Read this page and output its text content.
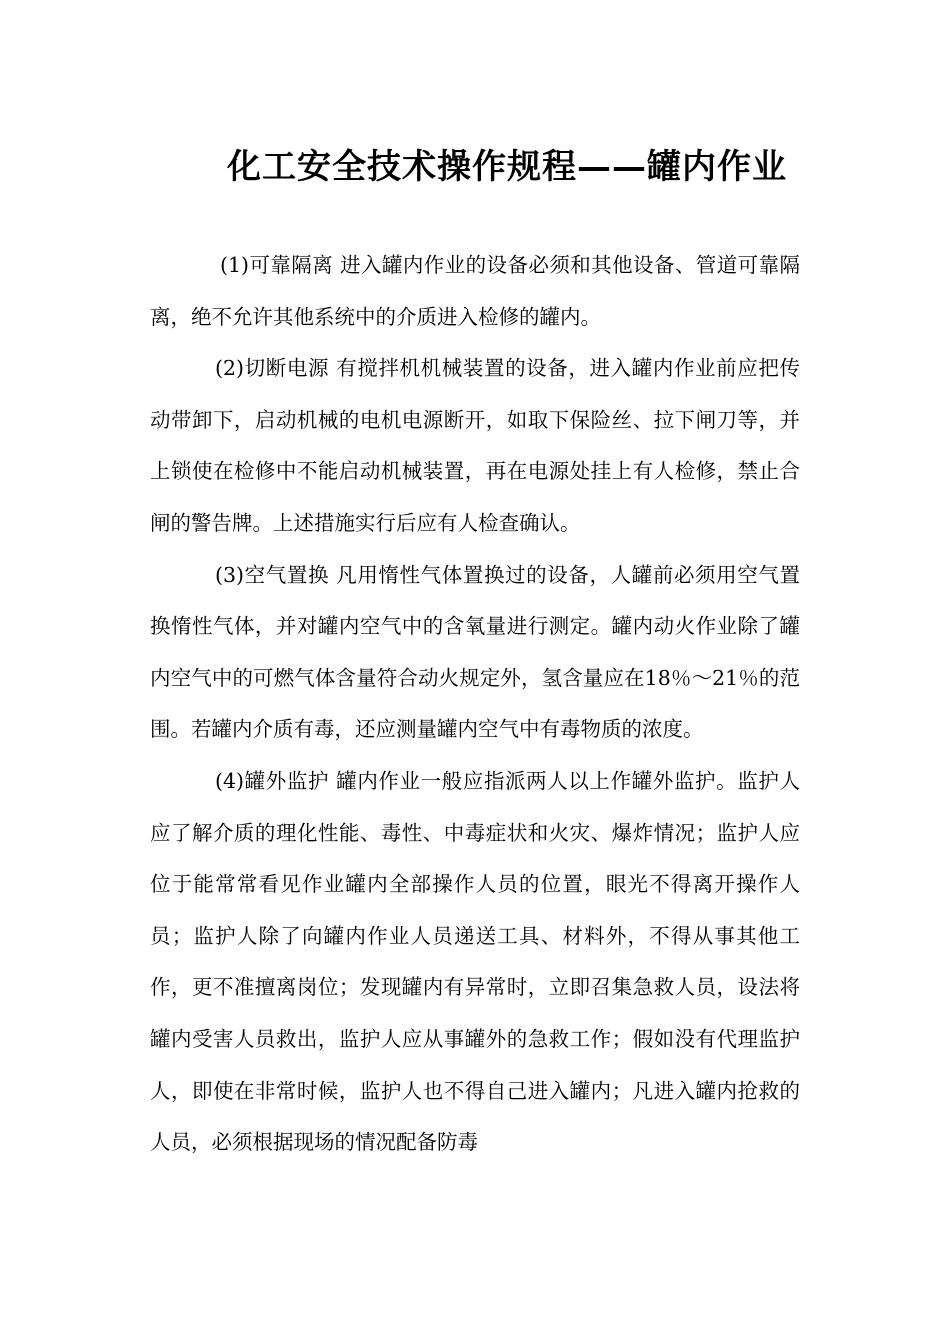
化工安全技术操作规程——罐内作业

(1)可靠隔离 进入罐内作业的设备必须和其他设备、管道可靠隔离，绝不允许其他系统中的介质进入检修的罐内。

(2)切断电源 有搅拌机机械装置的设备，进入罐内作业前应把传动带卸下，启动机械的电机电源断开，如取下保险丝、拉下闸刀等，并上锁使在检修中不能启动机械装置，再在电源处挂上有人检修，禁止合闸的警告牌。上述措施实行后应有人检查确认。

(3)空气置换 凡用惰性气体置换过的设备，人罐前必须用空气置换惰性气体，并对罐内空气中的含氧量进行测定。罐内动火作业除了罐内空气中的可燃气体含量符合动火规定外，氢含量应在18％～21％的范围。若罐内介质有毒，还应测量罐内空气中有毒物质的浓度。

(4)罐外监护 罐内作业一般应指派两人以上作罐外监护。监护人应了解介质的理化性能、毒性、中毒症状和火灾、爆炸情况；监护人应位于能常常看见作业罐内全部操作人员的位置，眼光不得离开操作人员；监护人除了向罐内作业人员递送工具、材料外，不得从事其他工作，更不准擅离岗位；发现罐内有异常时，立即召集急救人员，设法将罐内受害人员救出，监护人应从事罐外的急救工作；假如没有代理监护人，即使在非常时候，监护人也不得自己进入罐内；凡进入罐内抢救的人员，必须根据现场的情况配备防毒
